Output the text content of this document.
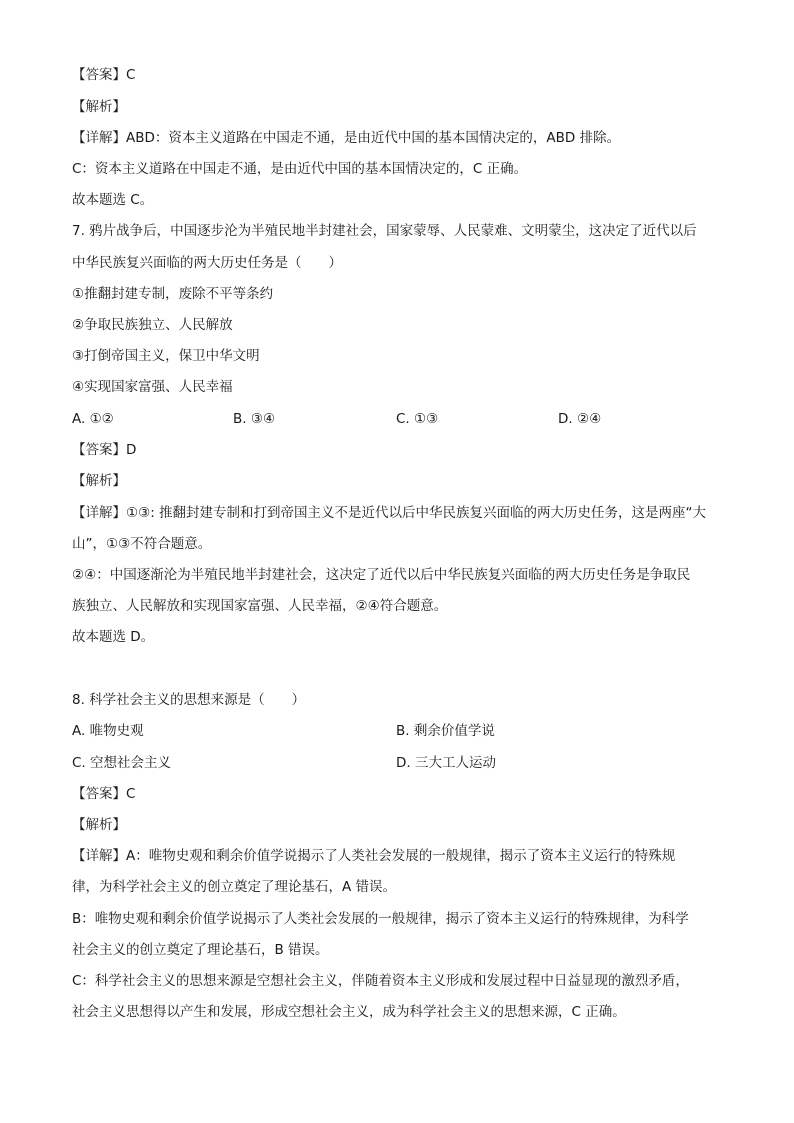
【答案】C
【解析】
【详解】ABD：资本主义道路在中国走不通，是由近代中国的基本国情决定的，ABD 排除。
C：资本主义道路在中国走不通，是由近代中国的基本国情决定的，C 正确。
故本题选 C。
7. 鸦片战争后，中国逐步沦为半殖民地半封建社会，国家蒙辱、人民蒙难、文明蒙尘，这决定了近代以后
中华民族复兴面临的两大历史任务是（　　）
①推翻封建专制，废除不平等条约
②争取民族独立、人民解放
③打倒帝国主义，保卫中华文明
④实现国家富强、人民幸福
A. ①②	B. ③④	C. ①③	D. ②④
【答案】D
【解析】
【详解】①③: 推翻封建专制和打到帝国主义不是近代以后中华民族复兴面临的两大历史任务，这是两座“大
山”，①③不符合题意。
②④：中国逐渐沦为半殖民地半封建社会，这决定了近代以后中华民族复兴面临的两大历史任务是争取民
族独立、人民解放和实现国家富强、人民幸福，②④符合题意。
故本题选 D。
8. 科学社会主义的思想来源是（　　）
A. 唯物史观	B. 剩余价值学说
C. 空想社会主义	D. 三大工人运动
【答案】C
【解析】
【详解】A：唯物史观和剩余价值学说揭示了人类社会发展的一般规律，揭示了资本主义运行的特殊规
律，为科学社会主义的创立奠定了理论基石，A 错误。
B：唯物史观和剩余价值学说揭示了人类社会发展的一般规律，揭示了资本主义运行的特殊规律，为科学
社会主义的创立奠定了理论基石，B 错误。
C：科学社会主义的思想来源是空想社会主义，伴随着资本主义形成和发展过程中日益显现的激烈矛盾，
社会主义思想得以产生和发展，形成空想社会主义，成为科学社会主义的思想来源，C 正确。
